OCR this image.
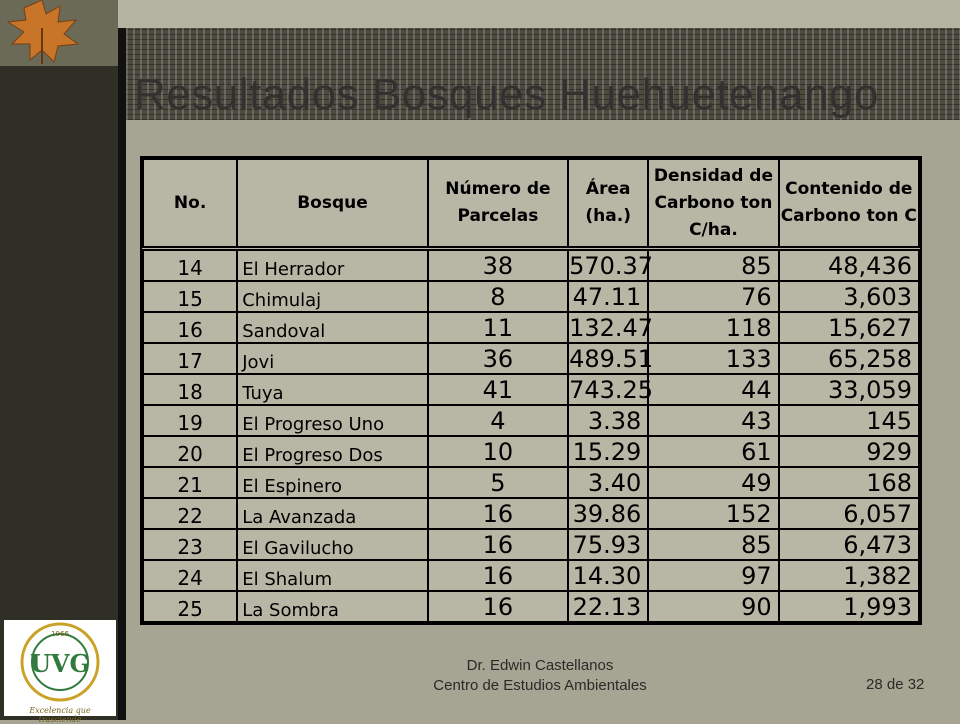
Resultados Bosques Huehuetenango
No.	Bosque	Número de Parcelas	Área (ha.)	Densidad de Carbono ton C/ha.	Contenido de Carbono ton C
14	El Herrador	38	570.37	85	48,436
15	Chimulaj	8	47.11	76	3,603
16	Sandoval	11	132.47	118	15,627
17	Jovi	36	489.51	133	65,258
18	Tuya	41	743.25	44	33,059
19	El Progreso Uno	4	3.38	43	145
20	El Progreso Dos	10	15.29	61	929
21	El Espinero	5	3.40	49	168
22	La Avanzada	16	39.86	152	6,057
23	El Gavilucho	16	75.93	85	6,473
24	El Shalum	16	14.30	97	1,382
25	La Sombra	16	22.13	90	1,993
1966
UVG
Excelencia que trasciende
Dr. Edwin Castellanos
Centro de Estudios Ambientales	28 de 32
